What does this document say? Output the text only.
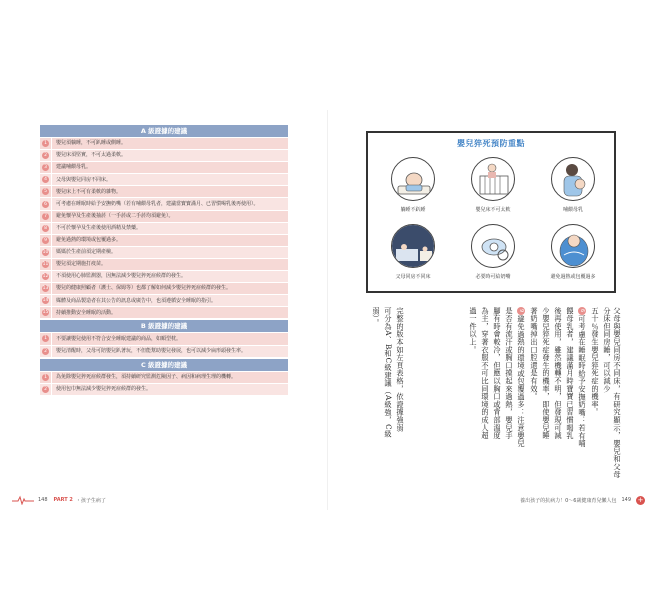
A 級證據的建議
1	嬰兒須躺睡，不可趴睡或側睡。
2	嬰兒床須堅實，不可太過柔軟。
3	建議哺餵母乳。
4	父母與嬰兒同房不同床。
5	嬰兒床上不可有柔軟的雜物。
6	可考慮在睡眠時給予安撫奶嘴（若有哺餵母乳者，建議當寶寶滿月、已習慣喝乳後再使用）。
7	避免懷孕及生產後抽菸（一手菸或二手菸均須避免）。
8	不可於懷孕及生產後使用酒精及禁藥。
9	避免過熱的環境或包覆過多。
10	媽媽於生產前須定期產檢。
11	嬰兒須定期施打疫苗。
12	不須使用心肺監測器，因無法減少嬰兒猝死症候群的發生。
13	嬰兒的健康照顧者（護士、保姆等）也都了解如何減少嬰兒猝死症候群的發生。
14	媒體及商品製造者在其公告的訊息或廣告中，也須遵循安全睡眠的指引。
15	持續推動安全睡眠的活動。
B 級證據的建議
1	不要讓嬰兒使用不符合安全睡眠建議的商品，如順型枕。
2	嬰兒清醒時，父母可陪嬰兒趴著玩，不但能幫助嬰兒發展，也可以減少扁形頭發生率。
C 級證據的建議
1	為免除嬰兒猝死症候群發生，須持續研究監測危險因子、病因和病理生理的機轉。
2	使用包巾無法減少嬰兒猝死症候群的發生。
148 PART 2 ・孩子生病了	養出孩子的抗病力！0～6歲健康育兒懶人包 149 +
嬰兒猝死預防重點
躺睡不趴睡	嬰兒床不可太軟	哺餵母乳
父母同房不同床	必要時可給奶嘴	避免過熱或包覆過多
父母與嬰兒同房不同床，有研究顯示，嬰兒和父母分床但同房睡，可以減少
五十％發生嬰兒猝死症的機率。
6可考慮在睡眠時給予安撫奶嘴：若有哺
餵母乳者，建議滿月時寶寶已習慣喝乳
後再使用，雖然機轉不明，但發現可減
少嬰兒猝死症發生的機率，即使嬰兒睡
著奶嘴掉出口腔還是有效。
9避免過熱的環境或包覆過多：注意嬰兒
是否有流汗或胸口摸起來過熱，嬰兒手
腳有時會較冷，但應以胸口或背部溫度
為主，穿著衣服不可比同環境的成人超
過一件以上。
完整的版本如左頁表格，依證據強弱
可分為A、B和C級建議（A級強，C級
弱）。
